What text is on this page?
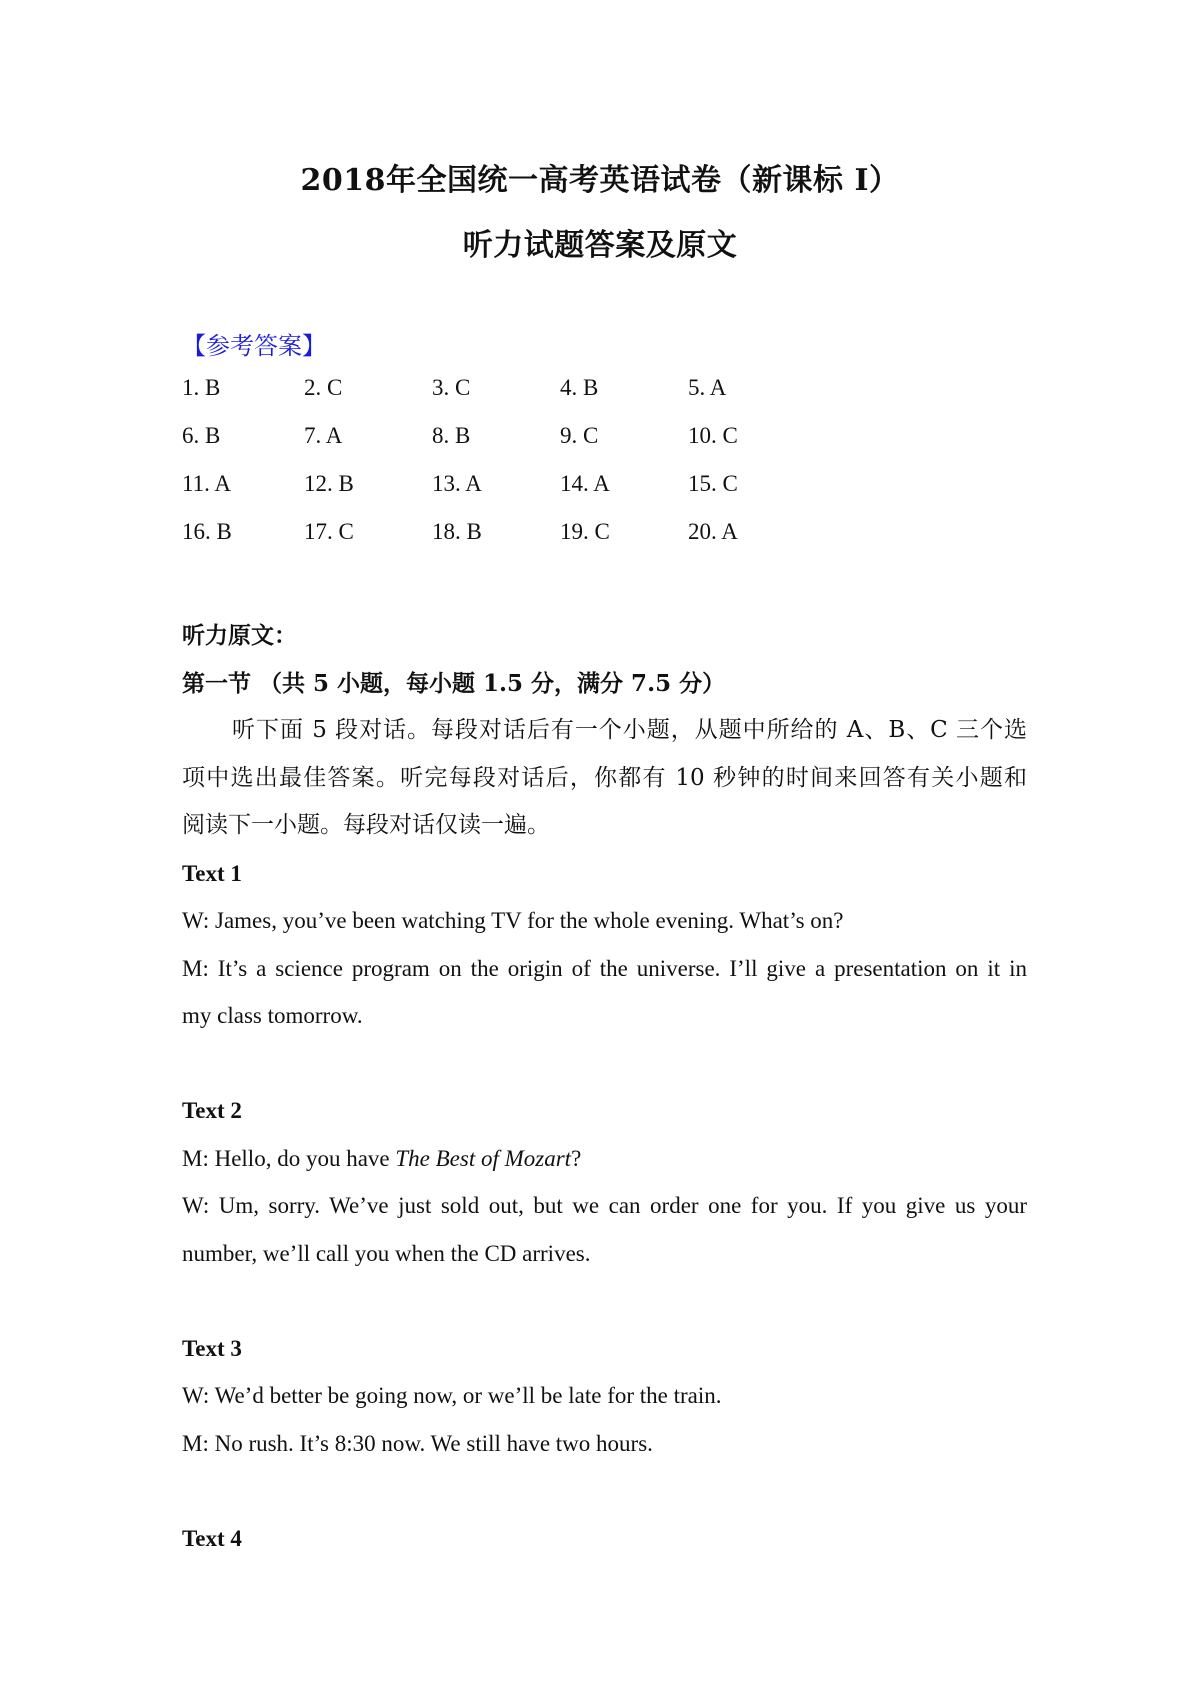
2018年全国统一高考英语试卷（新课标 I）
听力试题答案及原文
【参考答案】
1. B	2. C	3. C	4. B	5. A
6. B	7. A	8. B	9. C	10. C
11. A	12. B	13. A	14. A	15. C
16. B	17. C	18. B	19. C	20. A
听力原文：
第一节 （共 5 小题，每小题 1.5 分，满分 7.5 分）
听下面 5 段对话。每段对话后有一个小题，从题中所给的 A、B、C 三个选
项中选出最佳答案。听完每段对话后，你都有 10 秒钟的时间来回答有关小题和
阅读下一小题。每段对话仅读一遍。
Text 1
W: James, you’ve been watching TV for the whole evening. What’s on?
M: It’s a science program on the origin of the universe. I’ll give a presentation on it in
my class tomorrow.
Text 2
M: Hello, do you have The Best of Mozart?
W: Um, sorry. We’ve just sold out, but we can order one for you. If you give us your
number, we’ll call you when the CD arrives.
Text 3
W: We’d better be going now, or we’ll be late for the train.
M: No rush. It’s 8:30 now. We still have two hours.
Text 4
